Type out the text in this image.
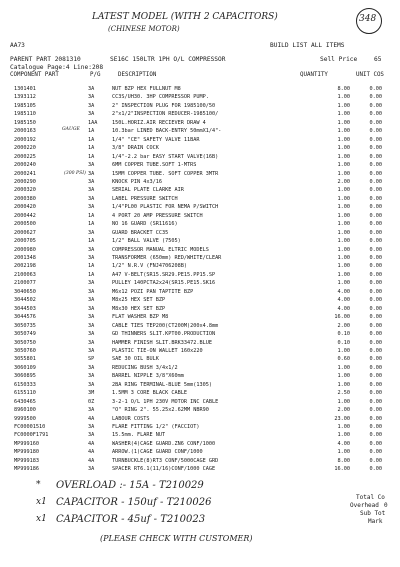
LATEST MODEL (WITH 2 CAPACITORS)
(CHINESE MOTOR)
348
AA73	BUILD LIST ALL ITEMS
PARENT PART 2081310	SE16C 150LTR 1PH O/L COMPRESSOR	Sell Price	65
Catalogue Page:4 Line:208
COMPONENT PART	P/G	DESCRIPTION	QUANTITY	UNIT COS
GAUGE
(300 PSI)
1301401	3A	NUT BZP HEX FULLNUT M8	8.00	0.00
1393112	3A	CC3S/UH30. 3HP COMPRESSOR PUMP.	1.00	0.00
1985105	3A	2" INSPECTION PLUG FOR 1985100/50	1.00	0.00
1985110	3A	2"x1/2"INSPECTION REDUCER-1985100/	1.00	0.00
1985150	1AA	150L.HORIZ.AIR RECIEVER DRAW 4	1.00	0.00
2000163	1A	10.3bar LINED BACK-ENTRY 50mmX1/4"-	1.00	0.00
2000192	1A	1/4" "CE" SAFETY VALVE 11BAR	1.00	0.00
2000220	1A	3/8" DRAIN COCK	1.00	0.00
2000225	1A	1/4"-2.2 bar EASY START VALVE(16B)	1.00	0.00
2000240	3A	6MM COPPER TUBE.SOFT 1-MTRS	1.00	0.00
2000241	3A	15MM COPPER TUBE. SOFT COPPER 3MTR	1.00	0.00
2000290	3A	KNOCK PIN 4x3/16	2.00	0.00
2000320	3A	SERIAL PLATE CLARKE AIR	1.00	0.00
2000380	3A	LABEL PRESSURE SWITCH	1.00	0.00
2000420	3A	1/4"PL00 PLASTIC FOR NEMA P/SWITCH	1.00	0.00
2000442	1A	4 PORT 20 AMP PRESSURE SWITCH	1.00	0.00
2000500	1A	NO 16 GUARD (SR11616)	1.00	0.00
2000627	3A	GUARD BRACKET CC35	1.00	0.00
2000705	1A	1/2" BALL VALVE (7505)	1.00	0.00
2000980	3A	COMPRESSOR MANUAL ELTRIC MODELS	1.00	0.00
2001348	3A	TRANSFORMER (650mm) RED/WHITE/CLEAR	1.00	0.00
2002198	1A	1/2" N.R.V (FNJ4706208B)	1.00	0.00
2100063	1A	A47 V-BELT(SR15.SR29.PE15.PP15.SP	1.00	0.00
2100077	3A	PULLEY 140PCTA2x24(SR15.PE15.SK16	1.00	0.00
3040650	3A	M6x12 POZI PAN TAPTITE BZP	4.00	0.00
3044502	3A	M8x25 HEX SET BZP	4.00	0.00
3044503	3A	M8x30 HEX SET BZP	4.00	0.00
3044576	3A	FLAT WASHER BZP M8	16.00	0.00
3050735	3A	CABLE TIES TEP200(CT200M)200x4.8mm	2.00	0.00
3050749	3A	GD THINNERS SLIT.KPT00.PRODUCTION	0.10	0.00
3050750	3A	HAMMER FINISH SLIT.BRK33472.BLUE	0.10	0.00
3050760	3A	PLASTIC TIE-ON WALLET 160x220	1.00	0.00
3055801	SP	SAE 30 OIL BULK	0.60	0.00
3060109	3A	REDUCING BUSH 3/4x1/2	1.00	0.00
3060895	3A	BARREL NIPPLE 3/8"X60mm	1.00	0.00
6150333	3A	2BA RING TERMINAL-BLUE 5mm(1305)	1.00	0.00
6155110	3M	1.5MM 3 CORE BLACK CABLE	2.50	0.00
6430465	0Z	3-2-1 O/L 1PH 230V MOTOR INC CABLE	1.00	0.00
8960100	3A	"O" RING 2". 55.25x2.62MM NBR90	2.00	0.00
9999500	4A	LABOUR COSTS	23.00	0.00
FC00001510	3A	FLARE FITTING 1/2" (FACCIOT)	1.00	0.00
FC0000F1791	3A	15.5mm. FLARE NUT	1.00	0.00
MP999160	4A	WASHER(4)CAGE GUARD.ZN6 CONF/1000	4.00	0.00
MP999180	4A	ARROW.(1)CAGE GUARD CONF/1000	1.00	0.00
MP999183	4A	TURNBUCKLE(8)RT3 CONF/5000CAGE GRD	8.00	0.00
MP999186	3A	SPACER RT6.1(11/16)CONF/1000 CAGE	16.00	0.00
Total Co
Overhead 0
Sub Tot
Mark
* OVERLOAD :- 15A - T210029
x1 CAPACITOR - 150uf - T210026
x1 CAPACITOR - 45uf - T210023
(PLEASE CHECK WITH CUSTOMER)
